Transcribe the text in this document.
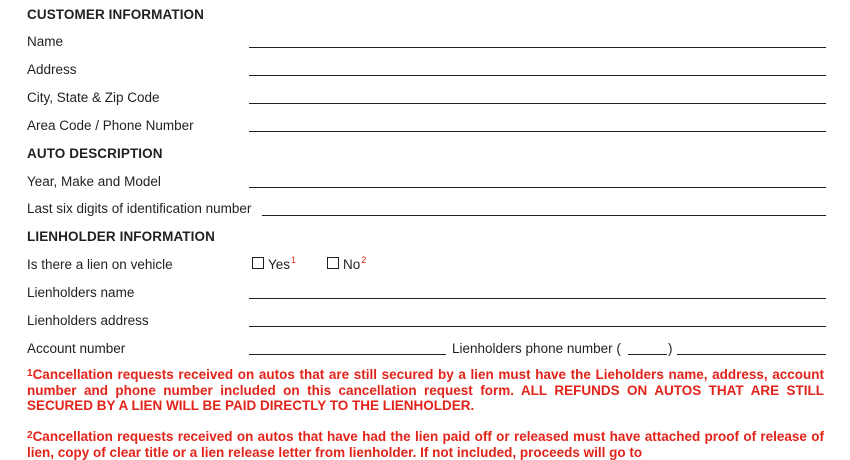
CUSTOMER INFORMATION
Name
Address
City, State & Zip Code
Area Code / Phone Number
AUTO DESCRIPTION
Year, Make and Model
Last six digits of identification number
LIENHOLDER INFORMATION
Is there a lien on vehicle	Yes$^1$	No$^2$
Lienholders name
Lienholders address
Account number	Lienholders phone number (	)
$^1$Cancellation requests received on autos that are still secured by a lien must have the Lieholders name, address, account number and phone number included on this cancellation request form. ALL REFUNDS ON AUTOS THAT ARE STILL SECURED BY A LIEN WILL BE PAID DIRECTLY TO THE LIENHOLDER.
$^2$Cancellation requests received on autos that have had the lien paid off or released must have attached proof of release of lien, copy of clear title or a lien release letter from lienholder. If not included, proceeds will go to
